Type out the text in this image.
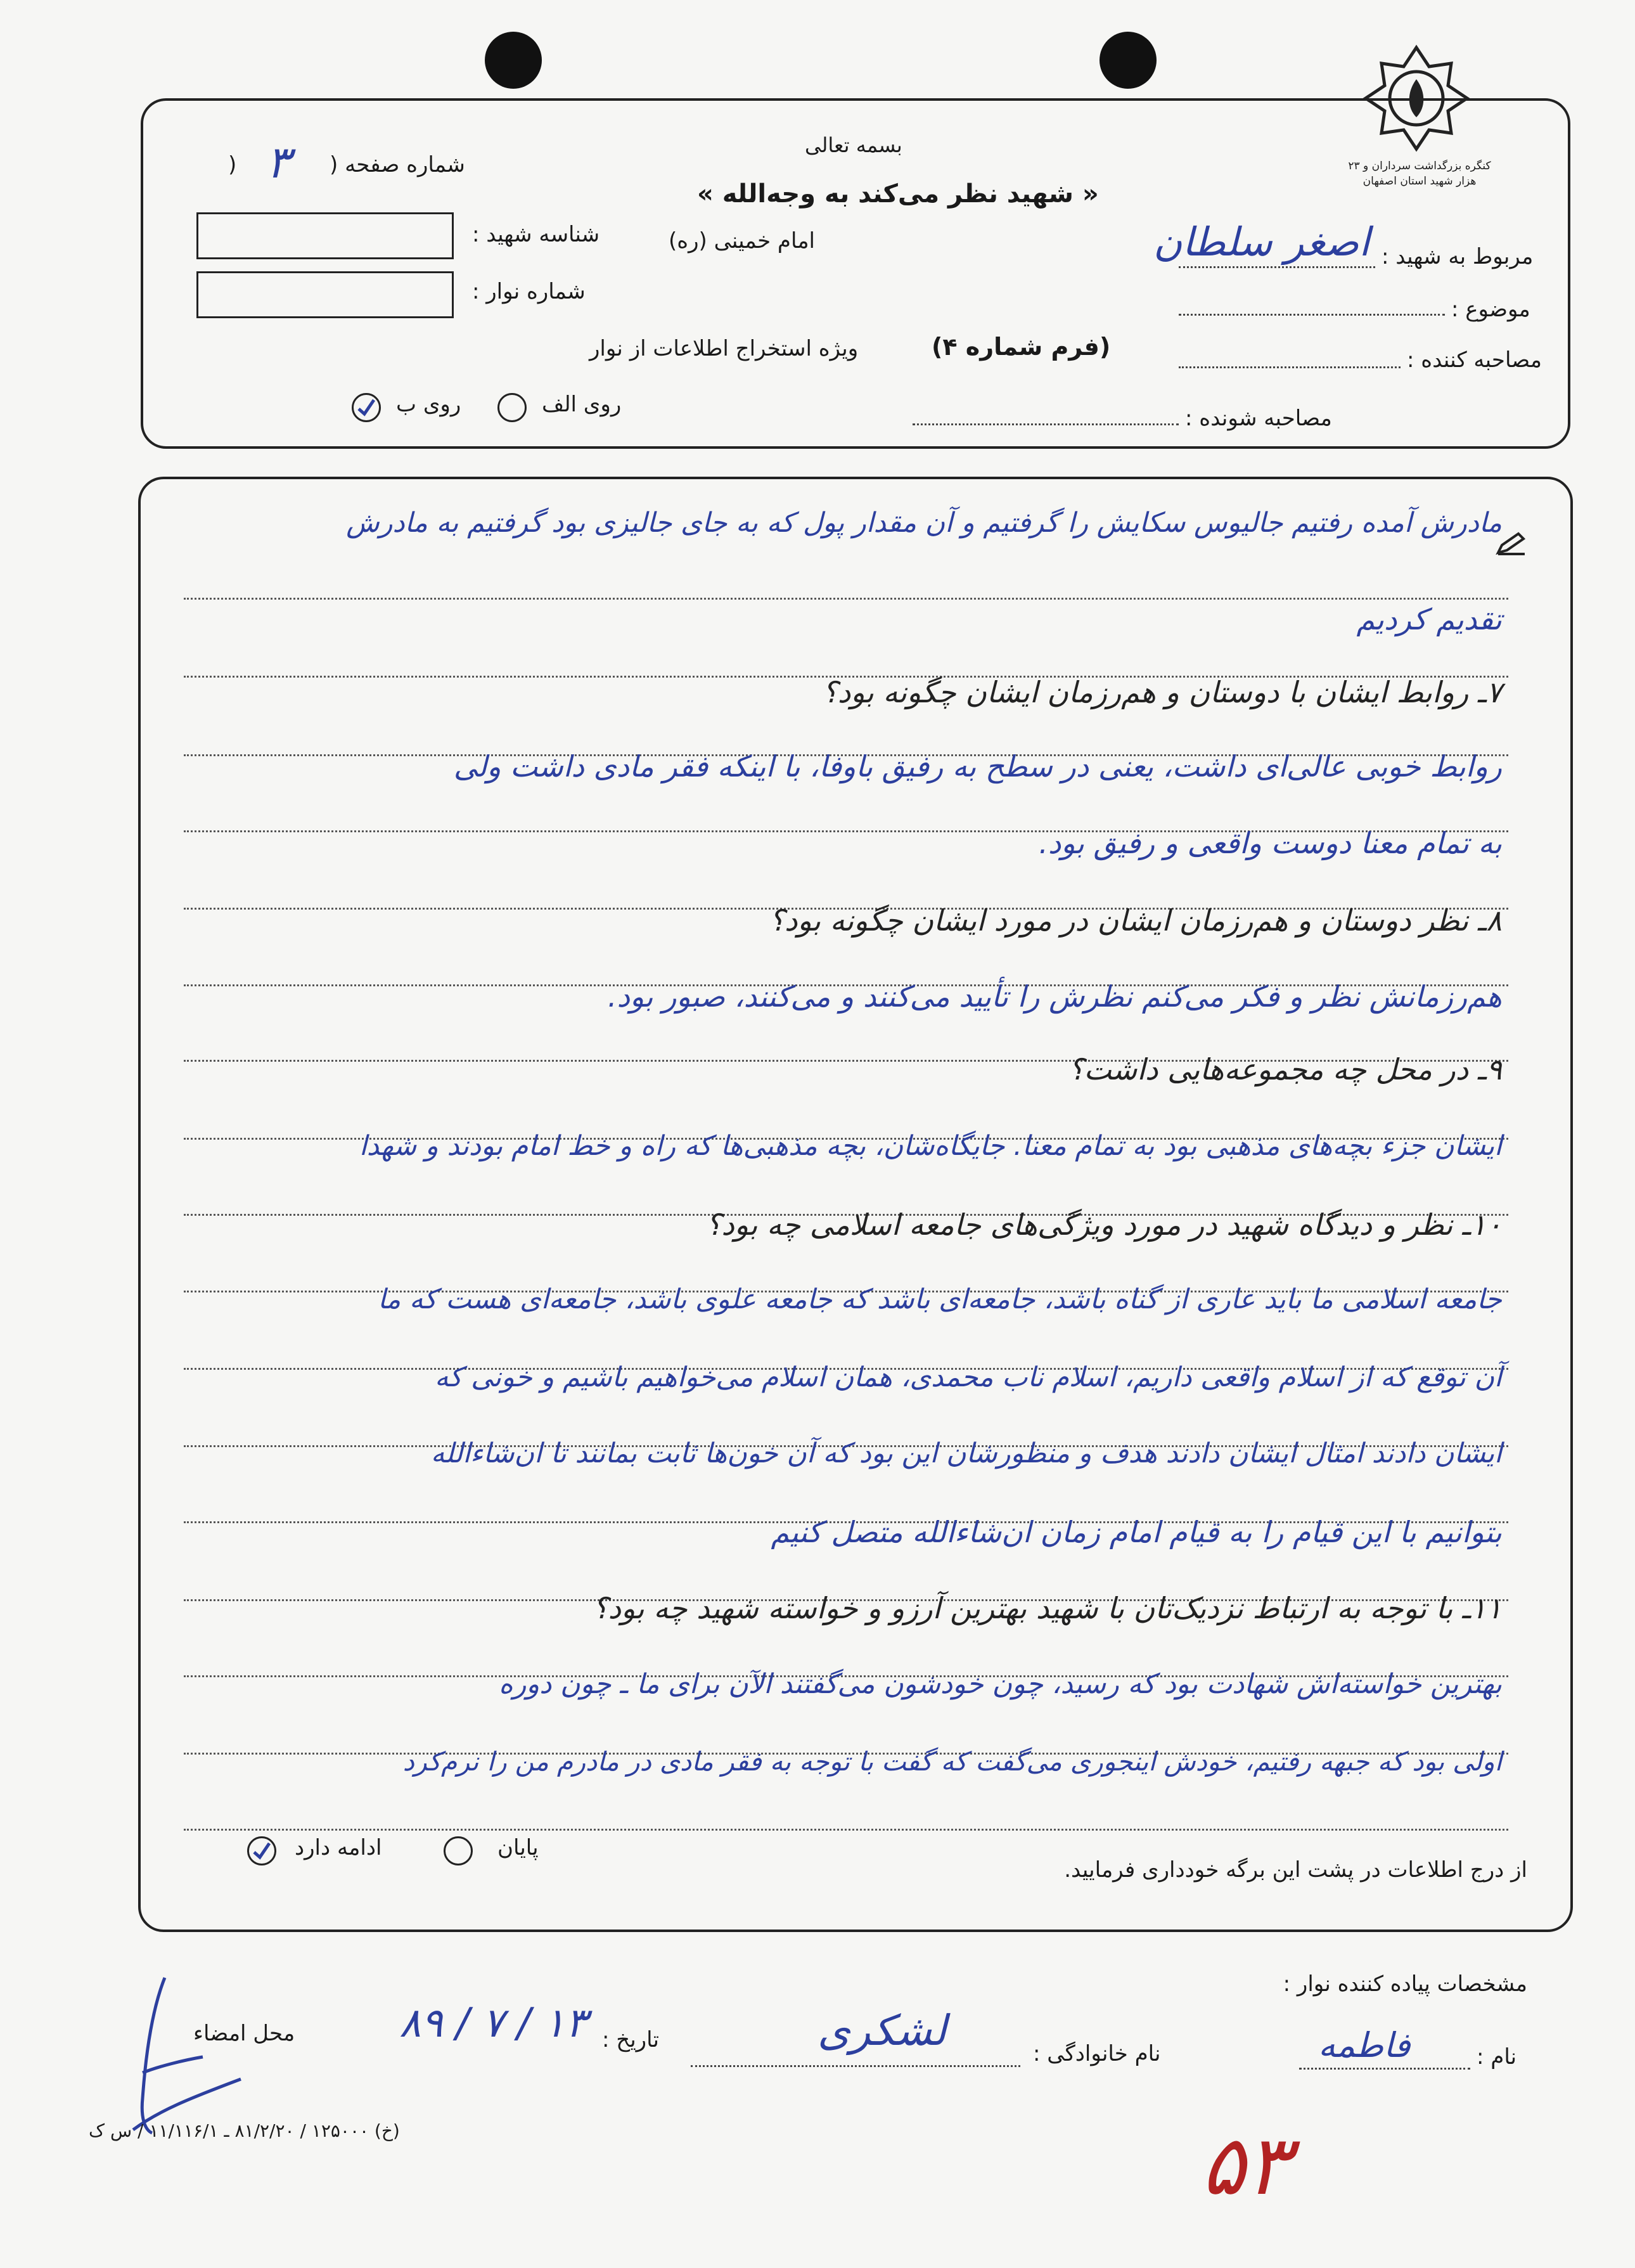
کنگره بزرگداشت سرداران و ۲۳ هزار شهید استان اصفهان
بسمه تعالی
« شهید نظر می‌کند به وجه‌الله »
امام خمینی (ره)
شماره صفحه (
۳
)
شناسه شهید :
شماره نوار :
مربوط به شهید :
اصغر سلطان
موضوع :
مصاحبه کننده :
(فرم شماره ۴)
ویژه استخراج اطلاعات از نوار
مصاحبه شونده :
روی الف
روی ب
مادرش آمده رفتیم جالیوس سکایش را گرفتیم و آن مقدار پول که به جای جالیزی بود گرفتیم به مادرش
تقدیم کردیم
۷ـ روابط ایشان با دوستان و هم‌رزمان ایشان چگونه بود؟
روابط خوبی عالی‌ای داشت، یعنی در سطح به رفیق باوفا، با اینکه فقر مادی داشت ولی
به تمام معنا دوست واقعی و رفیق بود.
۸ـ نظر دوستان و هم‌رزمان ایشان در مورد ایشان چگونه بود؟
هم‌رزمانش نظر و فکر می‌کنم نظرش را تأیید می‌کنند و می‌کنند، صبور بود.
۹ـ در محل چه مجموعه‌هایی داشت؟
ایشان جزء بچه‌های مذهبی بود به تمام معنا. جایگاه‌شان، بچه مذهبی‌ها که راه و خط امام بودند و شهدا
۱۰ـ نظر و دیدگاه شهید در مورد ویژگی‌های جامعه اسلامی چه بود؟
جامعه اسلامی ما باید عاری از گناه باشد، جامعه‌ای باشد که جامعه علوی باشد، جامعه‌ای هست که ما
آن توقع که از اسلام واقعی داریم، اسلام ناب محمدی، همان اسلام می‌خواهیم باشیم و خونی که
ایشان دادند امثال ایشان دادند هدف و منظورشان این بود که آن خون‌ها ثابت بمانند تا ان‌شاءالله
بتوانیم با این قیام را به قیام امام زمان ان‌شاءالله متصل کنیم
۱۱ـ با توجه به ارتباط نزدیک‌تان با شهید بهترین آرزو و خواسته شهید چه بود؟
بهترین خواسته‌اش شهادت بود که رسید، چون خودشون می‌گفتند الآن برای ما ـ چون دوره
اولی بود که جبهه رفتیم، خودش اینجوری می‌گفت که گفت با توجه به فقر مادی در مادرم من را نرم‌کرد
پایان
ادامه دارد
از درج اطلاعات در پشت این برگه خودداری فرمایید.
مشخصات پیاده کننده نوار :
نام :
فاطمه
نام خانوادگی :
لشکری
تاریخ :
۸۹ / ۷ / ۱۳
محل امضاء
(خ) ۱۲۵۰۰۰ / ۸۱/۲/۲۰ ـ ۱۱/۱۱۶/۱ / س ک	۵۳
